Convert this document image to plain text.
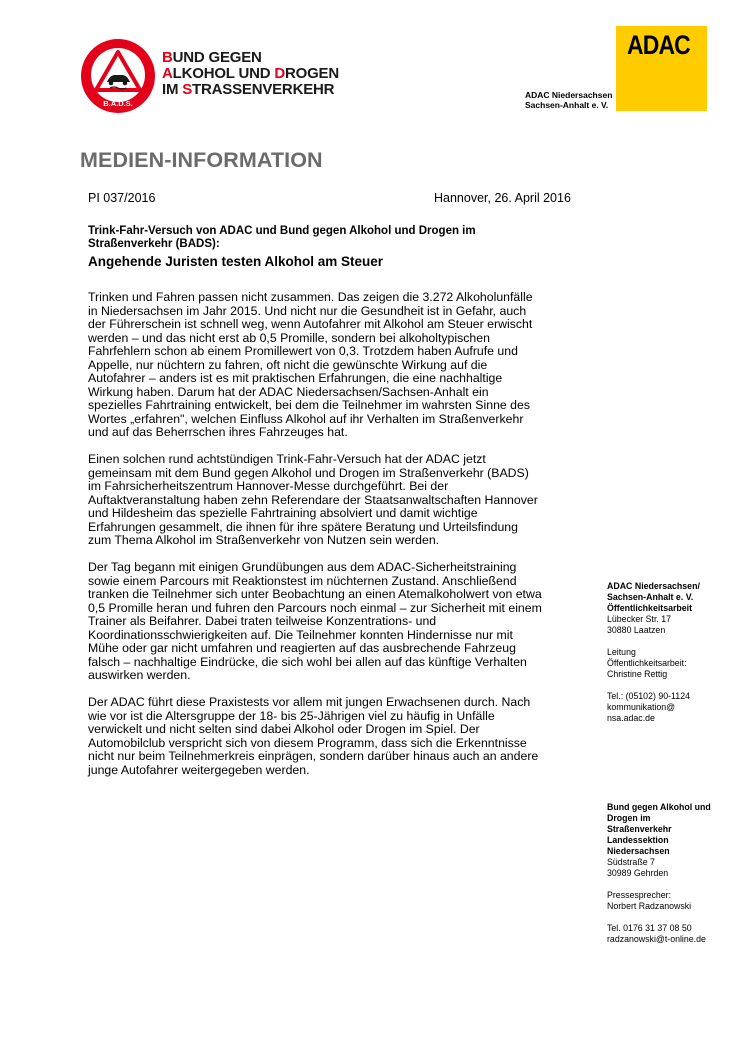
B.A.D.S.
BUND GEGEN
ALKOHOL UND DROGEN
IM STRASSENVERKEHR
ADAC
ADAC Niedersachsen
Sachsen-Anhalt e. V.
MEDIEN-INFORMATION
PI 037/2016	Hannover, 26. April 2016
Trink-Fahr-Versuch von ADAC und Bund gegen Alkohol und Drogen im
Straßenverkehr (BADS):
Angehende Juristen testen Alkohol am Steuer
Trinken und Fahren passen nicht zusammen. Das zeigen die 3.272 Alkoholunfälle
in Niedersachsen im Jahr 2015. Und nicht nur die Gesundheit ist in Gefahr, auch
der Führerschein ist schnell weg, wenn Autofahrer mit Alkohol am Steuer erwischt
werden – und das nicht erst ab 0,5 Promille, sondern bei alkoholtypischen
Fahrfehlern schon ab einem Promillewert von 0,3. Trotzdem haben Aufrufe und
Appelle, nur nüchtern zu fahren, oft nicht die gewünschte Wirkung auf die
Autofahrer – anders ist es mit praktischen Erfahrungen, die eine nachhaltige
Wirkung haben. Darum hat der ADAC Niedersachsen/Sachsen-Anhalt ein
spezielles Fahrtraining entwickelt, bei dem die Teilnehmer im wahrsten Sinne des
Wortes „erfahren", welchen Einfluss Alkohol auf ihr Verhalten im Straßenverkehr
und auf das Beherrschen ihres Fahrzeuges hat.
Einen solchen rund achtstündigen Trink-Fahr-Versuch hat der ADAC jetzt
gemeinsam mit dem Bund gegen Alkohol und Drogen im Straßenverkehr (BADS)
im Fahrsicherheitszentrum Hannover-Messe durchgeführt. Bei der
Auftaktveranstaltung haben zehn Referendare der Staatsanwaltschaften Hannover
und Hildesheim das spezielle Fahrtraining absolviert und damit wichtige
Erfahrungen gesammelt, die ihnen für ihre spätere Beratung und Urteilsfindung
zum Thema Alkohol im Straßenverkehr von Nutzen sein werden.
Der Tag begann mit einigen Grundübungen aus dem ADAC-Sicherheitstraining
sowie einem Parcours mit Reaktionstest im nüchternen Zustand. Anschließend
tranken die Teilnehmer sich unter Beobachtung an einen Atemalkoholwert von etwa
0,5 Promille heran und fuhren den Parcours noch einmal – zur Sicherheit mit einem
Trainer als Beifahrer. Dabei traten teilweise Konzentrations- und
Koordinationsschwierigkeiten auf. Die Teilnehmer konnten Hindernisse nur mit
Mühe oder gar nicht umfahren und reagierten auf das ausbrechende Fahrzeug
falsch – nachhaltige Eindrücke, die sich wohl bei allen auf das künftige Verhalten
auswirken werden.
Der ADAC führt diese Praxistests vor allem mit jungen Erwachsenen durch. Nach
wie vor ist die Altersgruppe der 18- bis 25-Jährigen viel zu häufig in Unfälle
verwickelt und nicht selten sind dabei Alkohol oder Drogen im Spiel. Der
Automobilclub verspricht sich von diesem Programm, dass sich die Erkenntnisse
nicht nur beim Teilnehmerkreis einprägen, sondern darüber hinaus auch an andere
junge Autofahrer weitergegeben werden.
ADAC Niedersachsen/
Sachsen-Anhalt e. V.
Öffentlichkeitsarbeit
Lübecker Str. 17
30880 Laatzen
Leitung
Öffentlichkeitsarbeit:
Christine Rettig
Tel.: (05102) 90-1124
kommunikation@
nsa.adac.de
Bund gegen Alkohol und
Drogen im
Straßenverkehr
Landessektion
Niedersachsen
Südstraße 7
30989 Gehrden
Pressesprecher:
Norbert Radzanowski
Tel. 0176 31 37 08 50
radzanowski@t-online.de
